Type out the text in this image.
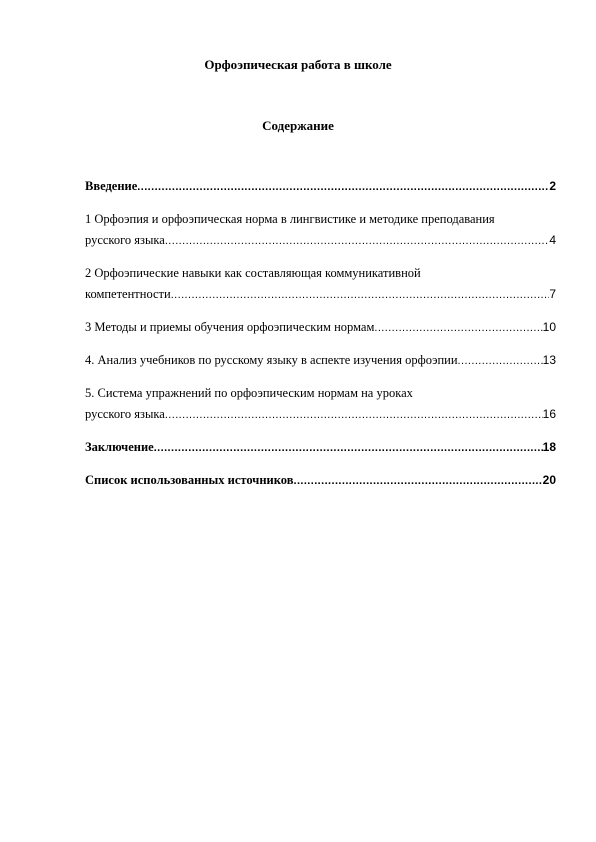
Орфоэпическая работа в школе
Содержание
Введение .....	2
1 Орфоэпия и орфоэпическая норма в лингвистике и методике преподавания
русского языка .....	4
2 Орфоэпические навыки как составляющая коммуникативной
компетентности .....	7
3 Методы и приемы обучения орфоэпическим нормам .....	10
4. Анализ учебников по русскому языку в аспекте изучения орфоэпии .....	13
5. Система упражнений по орфоэпическим нормам на уроках
русского языка .....	16
Заключение .....	18
Список использованных источников .....	20
